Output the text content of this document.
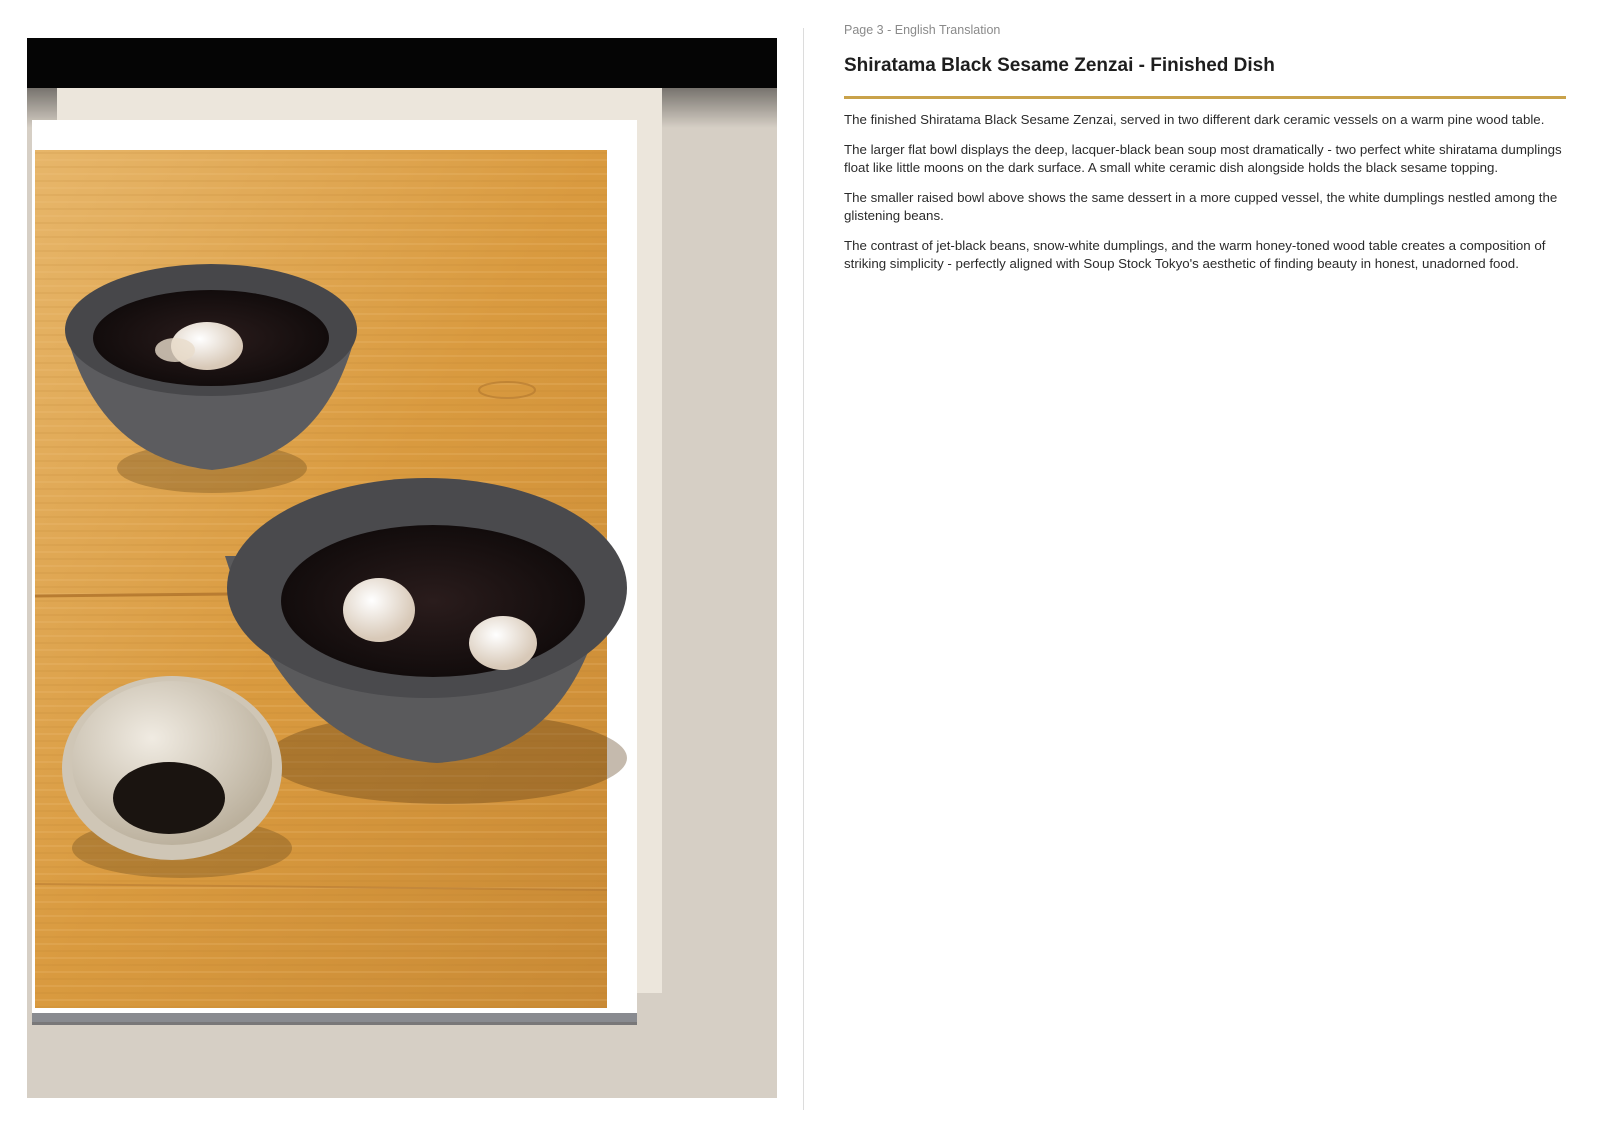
Page 3 - English Translation
Shiratama Black Sesame Zenzai - Finished Dish

The finished Shiratama Black Sesame Zenzai, served in two different dark ceramic vessels on a warm pine wood table.

The larger flat bowl displays the deep, lacquer-black bean soup most dramatically - two perfect white shiratama dumplings float like little moons on the dark surface. A small white ceramic dish alongside holds the black sesame topping.

The smaller raised bowl above shows the same dessert in a more cupped vessel, the white dumplings nestled among the glistening beans.

The contrast of jet-black beans, snow-white dumplings, and the warm honey-toned wood table creates a composition of striking simplicity - perfectly aligned with Soup Stock Tokyo's aesthetic of finding beauty in honest, unadorned food.
